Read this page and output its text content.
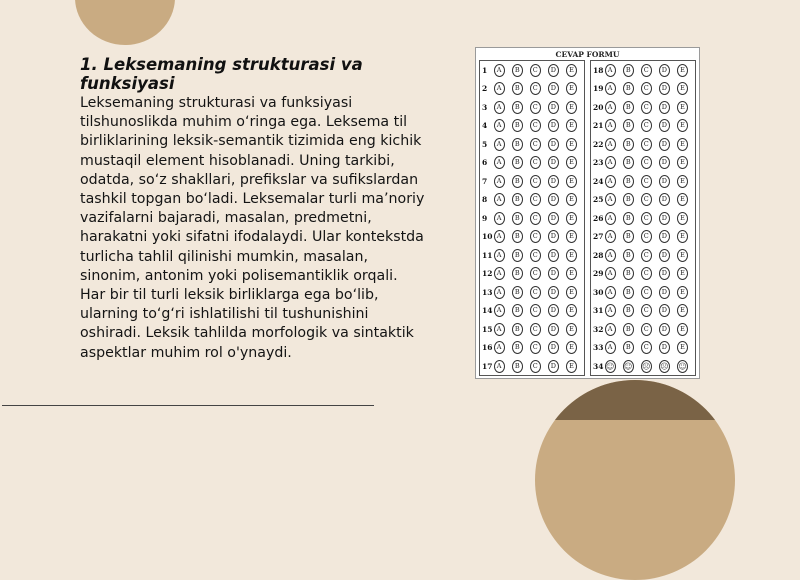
1. Leksemaning strukturasi va funksiyasi

Leksemaning strukturasi va funksiyasi tilshunoslikda muhim o‘ringa ega. Leksema til birliklarining leksik-semantik tizimida eng kichik mustaqil element hisoblanadi. Uning tarkibi, odatda, so‘z shakllari, prefikslar va sufikslardan tashkil topgan bo‘ladi. Leksemalar turli ma’noriy vazifalarni bajaradi, masalan, predmetni, harakatni yoki sifatni ifodalaydi. Ular kontekstda turlicha tahlil qilinishi mumkin, masalan, sinonim, antonim yoki polisemantiklik orqali. Har bir til turli leksik birliklarga ega bo‘lib, ularning to‘g‘ri ishlatilishi til tushunishini oshiradi. Leksik tahlilda morfologik va sintaktik aspektlar muhim rol o'ynaydi.

CEVAP FORMU
1	A	B	C	D	E
2	A	B	C	D	E
3	A	B	C	D	E
4	A	B	C	D	E
5	A	B	C	D	E
6	A	B	C	D	E
7	A	B	C	D	E
8	A	B	C	D	E
9	A	B	C	D	E
10 A	B	C	D	E
11 A	B	C	D	E
12 A	B	C	D	E
13 A	B	C	D	E
14 A	B	C	D	E
15 A	B	C	D	E
16 A	B	C	D	E
17 A	B	C	D	E
18 A	B	C	D	E
19 A	B	C	D	E
20 A	B	C	D	E
21 A	B	C	D	E
22 A	B	C	D	E
23 A	B	C	D	E
24 A	B	C	D	E
25 A	B	C	D	E
26 A	B	C	D	E
27 A	B	C	D	E
28 A	B	C	D	E
29 A	B	C	D	E
30 A	B	C	D	E
31 A	B	C	D	E
32 A	B	C	D	E
33 A	B	C	D	E
34 ☺ ☺ ☹ ☹ ☺
